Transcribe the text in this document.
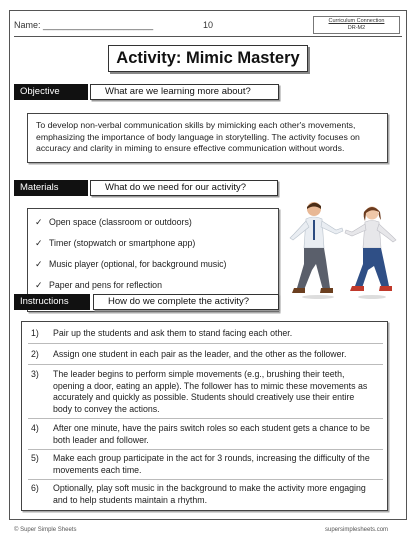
Name: ______________________	10	Curriculum Connection
DR-M2
Activity: Mimic Mastery
Objective	What are we learning more about?
To develop non-verbal communication skills by mimicking each other's movements, emphasizing the importance of body language in storytelling. The activity focuses on accuracy and clarity in miming to ensure effective communication without words.
Materials	What do we need for our activity?
✓ Open space (classroom or outdoors)
✓ Timer (stopwatch or smartphone app)
✓ Music player (optional, for background music)
✓ Paper and pens for reflection
Instructions	How do we complete the activity?
1)	Pair up the students and ask them to stand facing each other.
2)	Assign one student in each pair as the leader, and the other as the follower.
3)	The leader begins to perform simple movements (e.g., brushing their teeth, opening a door, eating an apple). The follower has to mimic these movements as accurately and quickly as possible. Students should creatively use their entire body to convey the actions.
4)	After one minute, have the pairs switch roles so each student gets a chance to be both leader and follower.
5)	Make each group participate in the act for 3 rounds, increasing the difficulty of the movements each time.
6)	Optionally, play soft music in the background to make the activity more engaging and to help students maintain a rhythm.
© Super Simple Sheets	supersimplesheets.com
